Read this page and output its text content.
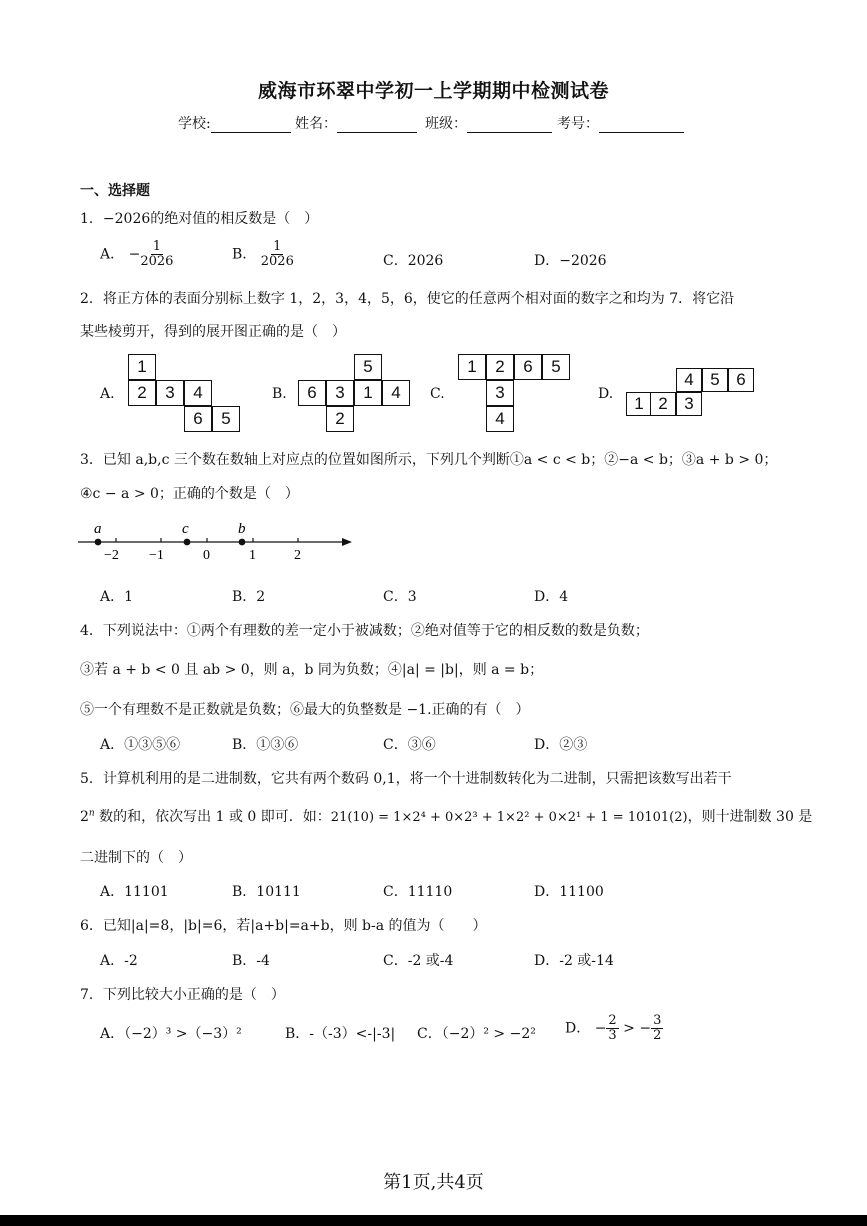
威海市环翠中学初一上学期期中检测试卷
学校:	姓名：	班级：	考号：
一、选择题
1．−2026的绝对值的相反数是（　）
A． − $\frac{1}{2026}$	B． $\frac{1}{2026}$	C．2026	D．−2026
2．将正方体的表面分别标上数字 1，2，3，4，5，6，使它的任意两个相对面的数字之和均为 7．将它沿
某些棱剪开，得到的展开图正确的是（　）
A.
1
2	3	4
6	5
B.
5
6	3	1	4
2
C.
1	2	6	5
3
4
D.
4 5 6
1 2 3
3．已知 a,b,c 三个数在数轴上对应点的位置如图所示，下列几个判断①a < c < b；②−a < b；③a + b > 0；
④c − a > 0；正确的个数是（　）
a	c	b
−2 −1	0	1	2
A．1	B．2	C．3	D．4
4．下列说法中：①两个有理数的差一定小于被减数；②绝对值等于它的相反数的数是负数；
③若 a + b < 0 且 ab > 0，则 a，b 同为负数；④|a| = |b|，则 a = b；
⑤一个有理数不是正数就是负数；⑥最大的负整数是 −1.正确的有（　）
A．①③⑤⑥	B．①③⑥	C．③⑥	D．②③
5．计算机利用的是二进制数，它共有两个数码 0,1，将一个十进制数转化为二进制，只需把该数写出若干
2$^n$ 数的和，依次写出 1 或 0 即可．如：21(10) = 1×2⁴ + 0×2³ + 1×2² + 0×2¹ + 1 = 10101(2)，则十进制数 30 是
二进制下的（　）
A．11101	B．10111	C．11110	D．11100
6．已知|a|=8，|b|=6，若|a+b|=a+b，则 b-a 的值为（　　）
A．-2	B．-4	C．-2 或-4	D．-2 或-14
7．下列比较大小正确的是（　）
A．（−2）³ >（−3）²	B．-（-3）<-|-3| C．（−2）² > −2² D． − $\frac{2}{3}$ > − $\frac{3}{2}$
第1页,共4页
